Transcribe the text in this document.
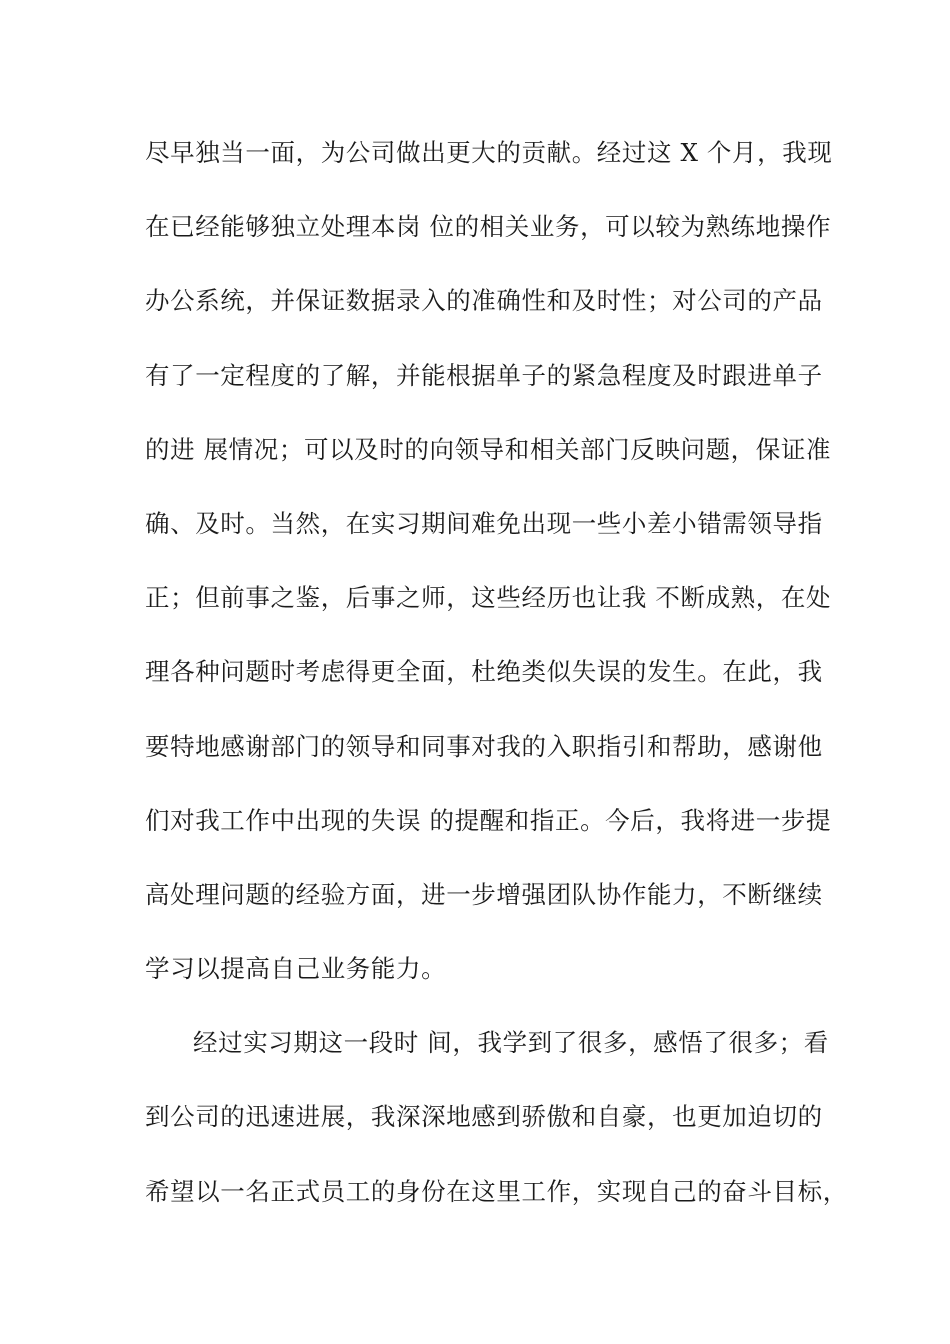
尽早独当一面，为公司做出更大的贡献。经过这 X 个月，我现
在已经能够独立处理本岗 位的相关业务，可以较为熟练地操作
办公系统，并保证数据录入的准确性和及时性；对公司的产品
有了一定程度的了解，并能根据单子的紧急程度及时跟进单子
的进 展情况；可以及时的向领导和相关部门反映问题，保证准
确、及时。当然，在实习期间难免出现一些小差小错需领导指
正；但前事之鉴，后事之师，这些经历也让我 不断成熟，在处
理各种问题时考虑得更全面，杜绝类似失误的发生。在此，我
要特地感谢部门的领导和同事对我的入职指引和帮助，感谢他
们对我工作中出现的失误 的提醒和指正。今后，我将进一步提
高处理问题的经验方面，进一步增强团队协作能力，不断继续
学习以提高自己业务能力。
经过实习期这一段时 间，我学到了很多，感悟了很多；看
到公司的迅速进展，我深深地感到骄傲和自豪，也更加迫切的
希望以一名正式员工的身份在这里工作，实现自己的奋斗目标，
